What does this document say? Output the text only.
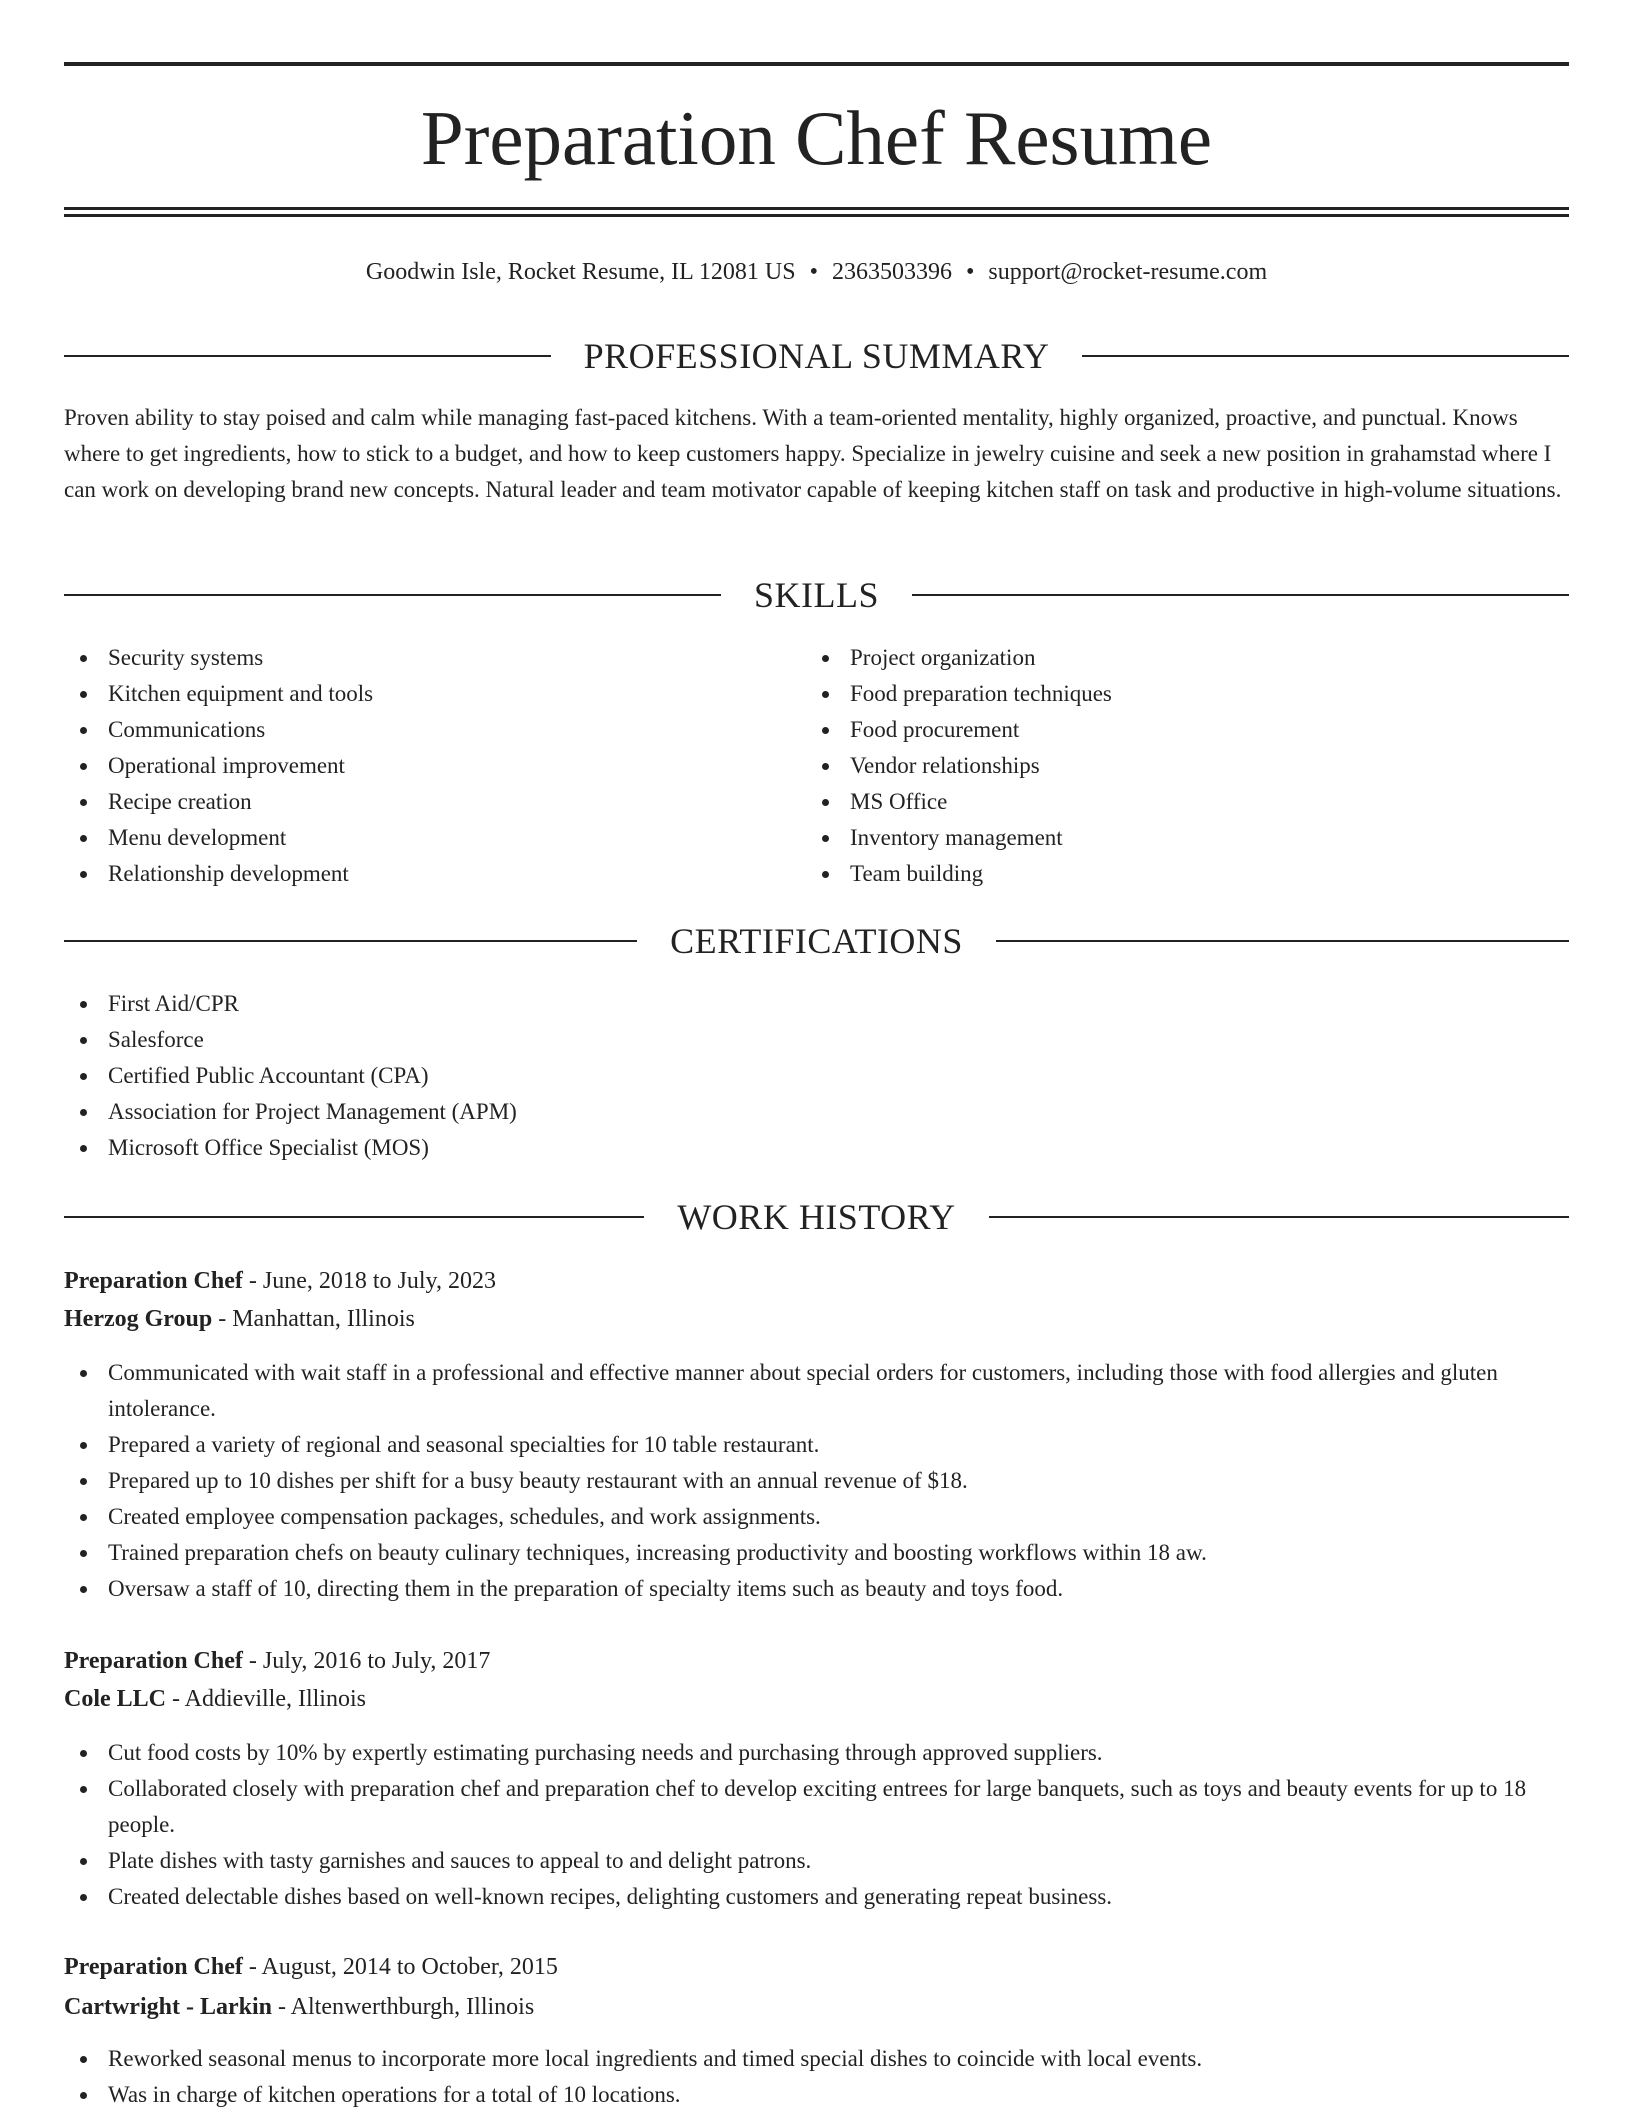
Preparation Chef Resume
Goodwin Isle, Rocket Resume, IL 12081 US • 2363503396 • support@rocket-resume.com
PROFESSIONAL SUMMARY

Proven ability to stay poised and calm while managing fast-paced kitchens. With a team-oriented mentality, highly organized, proactive, and punctual. Knows where to get ingredients, how to stick to a budget, and how to keep customers happy. Specialize in jewelry cuisine and seek a new position in grahamstad where I can work on developing brand new concepts. Natural leader and team motivator capable of keeping kitchen staff on task and productive in high-volume situations.

SKILLS
Security systems
Kitchen equipment and tools
Communications
Operational improvement
Recipe creation
Menu development
Relationship development
Project organization
Food preparation techniques
Food procurement
Vendor relationships
MS Office
Inventory management
Team building
CERTIFICATIONS
First Aid/CPR
Salesforce
Certified Public Accountant (CPA)
Association for Project Management (APM)
Microsoft Office Specialist (MOS)
WORK HISTORY
Preparation Chef - June, 2018 to July, 2023
Herzog Group - Manhattan, Illinois
Communicated with wait staff in a professional and effective manner about special orders for customers, including those with food allergies and gluten intolerance.
Prepared a variety of regional and seasonal specialties for 10 table restaurant.
Prepared up to 10 dishes per shift for a busy beauty restaurant with an annual revenue of $18.
Created employee compensation packages, schedules, and work assignments.
Trained preparation chefs on beauty culinary techniques, increasing productivity and boosting workflows within 18 aw.
Oversaw a staff of 10, directing them in the preparation of specialty items such as beauty and toys food.
Preparation Chef - July, 2016 to July, 2017
Cole LLC - Addieville, Illinois
Cut food costs by 10% by expertly estimating purchasing needs and purchasing through approved suppliers.
Collaborated closely with preparation chef and preparation chef to develop exciting entrees for large banquets, such as toys and beauty events for up to 18 people.
Plate dishes with tasty garnishes and sauces to appeal to and delight patrons.
Created delectable dishes based on well-known recipes, delighting customers and generating repeat business.
Preparation Chef - August, 2014 to October, 2015
Cartwright - Larkin - Altenwerthburgh, Illinois
Reworked seasonal menus to incorporate more local ingredients and timed special dishes to coincide with local events.
Was in charge of kitchen operations for a total of 10 locations.
